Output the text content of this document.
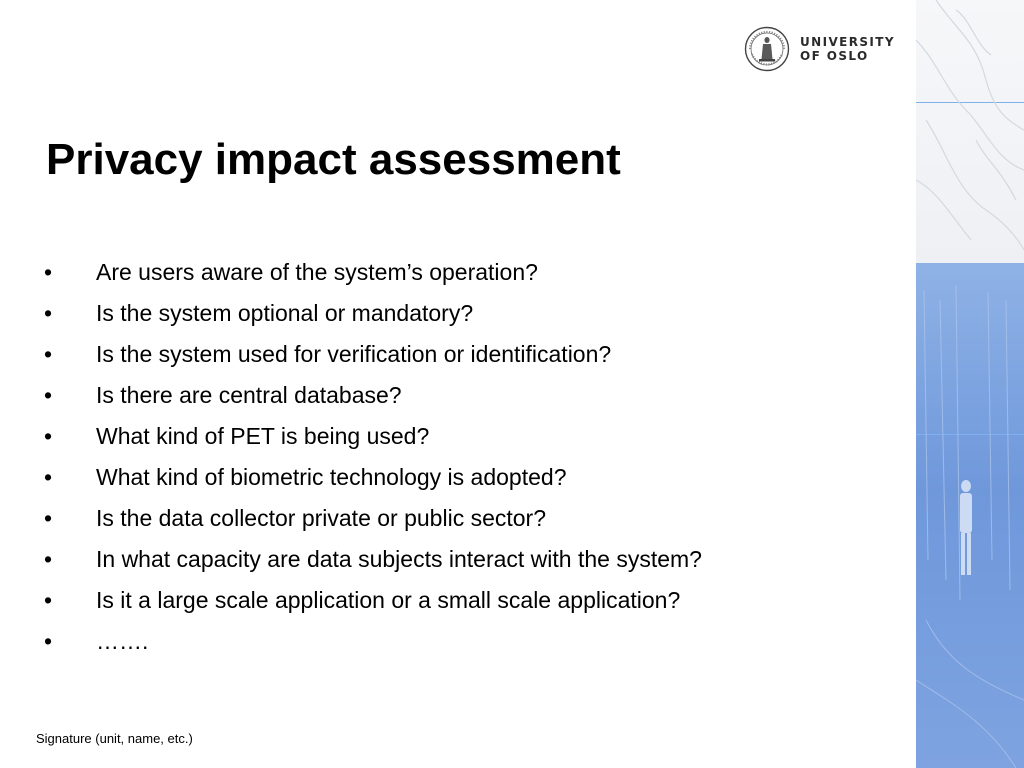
UNIVERSITY
OF OSLO
Privacy impact assessment
• Are users aware of the system’s operation?
• Is the system optional or mandatory?
• Is the system used for verification or identification?
• Is there are central database?
• What kind of PET is being used?
• What kind of biometric technology is adopted?
• Is the data collector private or public sector?
• In what capacity are data subjects interact with the system?
• Is it a large scale application or a small scale application?
• …….
Signature (unit, name, etc.)
